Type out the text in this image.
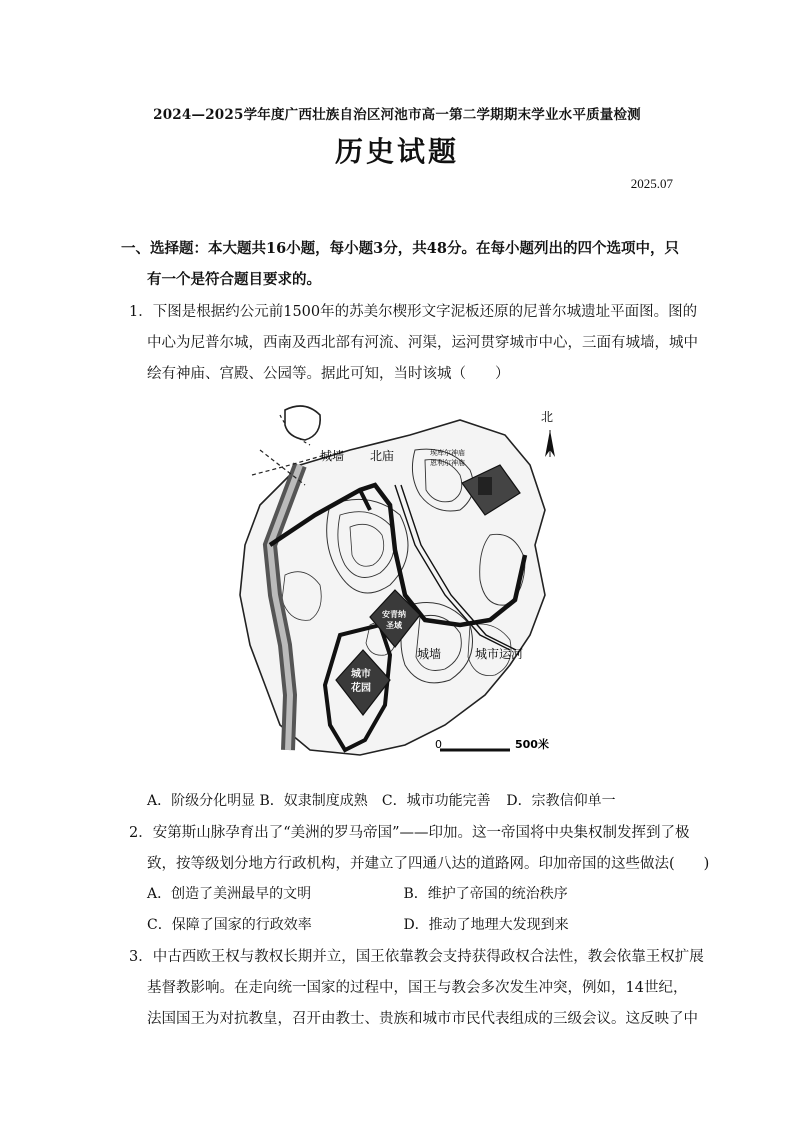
2024—2025学年度广西壮族自治区河池市高一第二学期期末学业水平质量检测
历史试题
2025.07
一、选择题：本大题共16小题，每小题3分，共48分。在每小题列出的四个选项中，只
有一个是符合题目要求的。
1．下图是根据约公元前1500年的苏美尔楔形文字泥板还原的尼普尔城遗址平面图。图的
中心为尼普尔城，西南及西北部有河流、河渠，运河贯穿城市中心，三面有城墙，城中
绘有神庙、宫殿、公园等。据此可知，当时该城（　　）
北
城墙 北庙	埃库尔神庙
恩利尔神庙
安青纳
圣域
城市
花园
城墙	城市运河
0	500米
A．阶级分化明显 B．奴隶制度成熟 C．城市功能完善 D．宗教信仰单一
2．安第斯山脉孕育出了“美洲的罗马帝国”——印加。这一帝国将中央集权制发挥到了极
致，按等级划分地方行政机构，并建立了四通八达的道路网。印加帝国的这些做法(　　)
A．创造了美洲最早的文明	B．维护了帝国的统治秩序
C．保障了国家的行政效率	D．推动了地理大发现到来
3．中古西欧王权与教权长期并立，国王依靠教会支持获得政权合法性，教会依靠王权扩展
基督教影响。在走向统一国家的过程中，国王与教会多次发生冲突，例如，14世纪，
法国国王为对抗教皇，召开由教士、贵族和城市市民代表组成的三级会议。这反映了中
